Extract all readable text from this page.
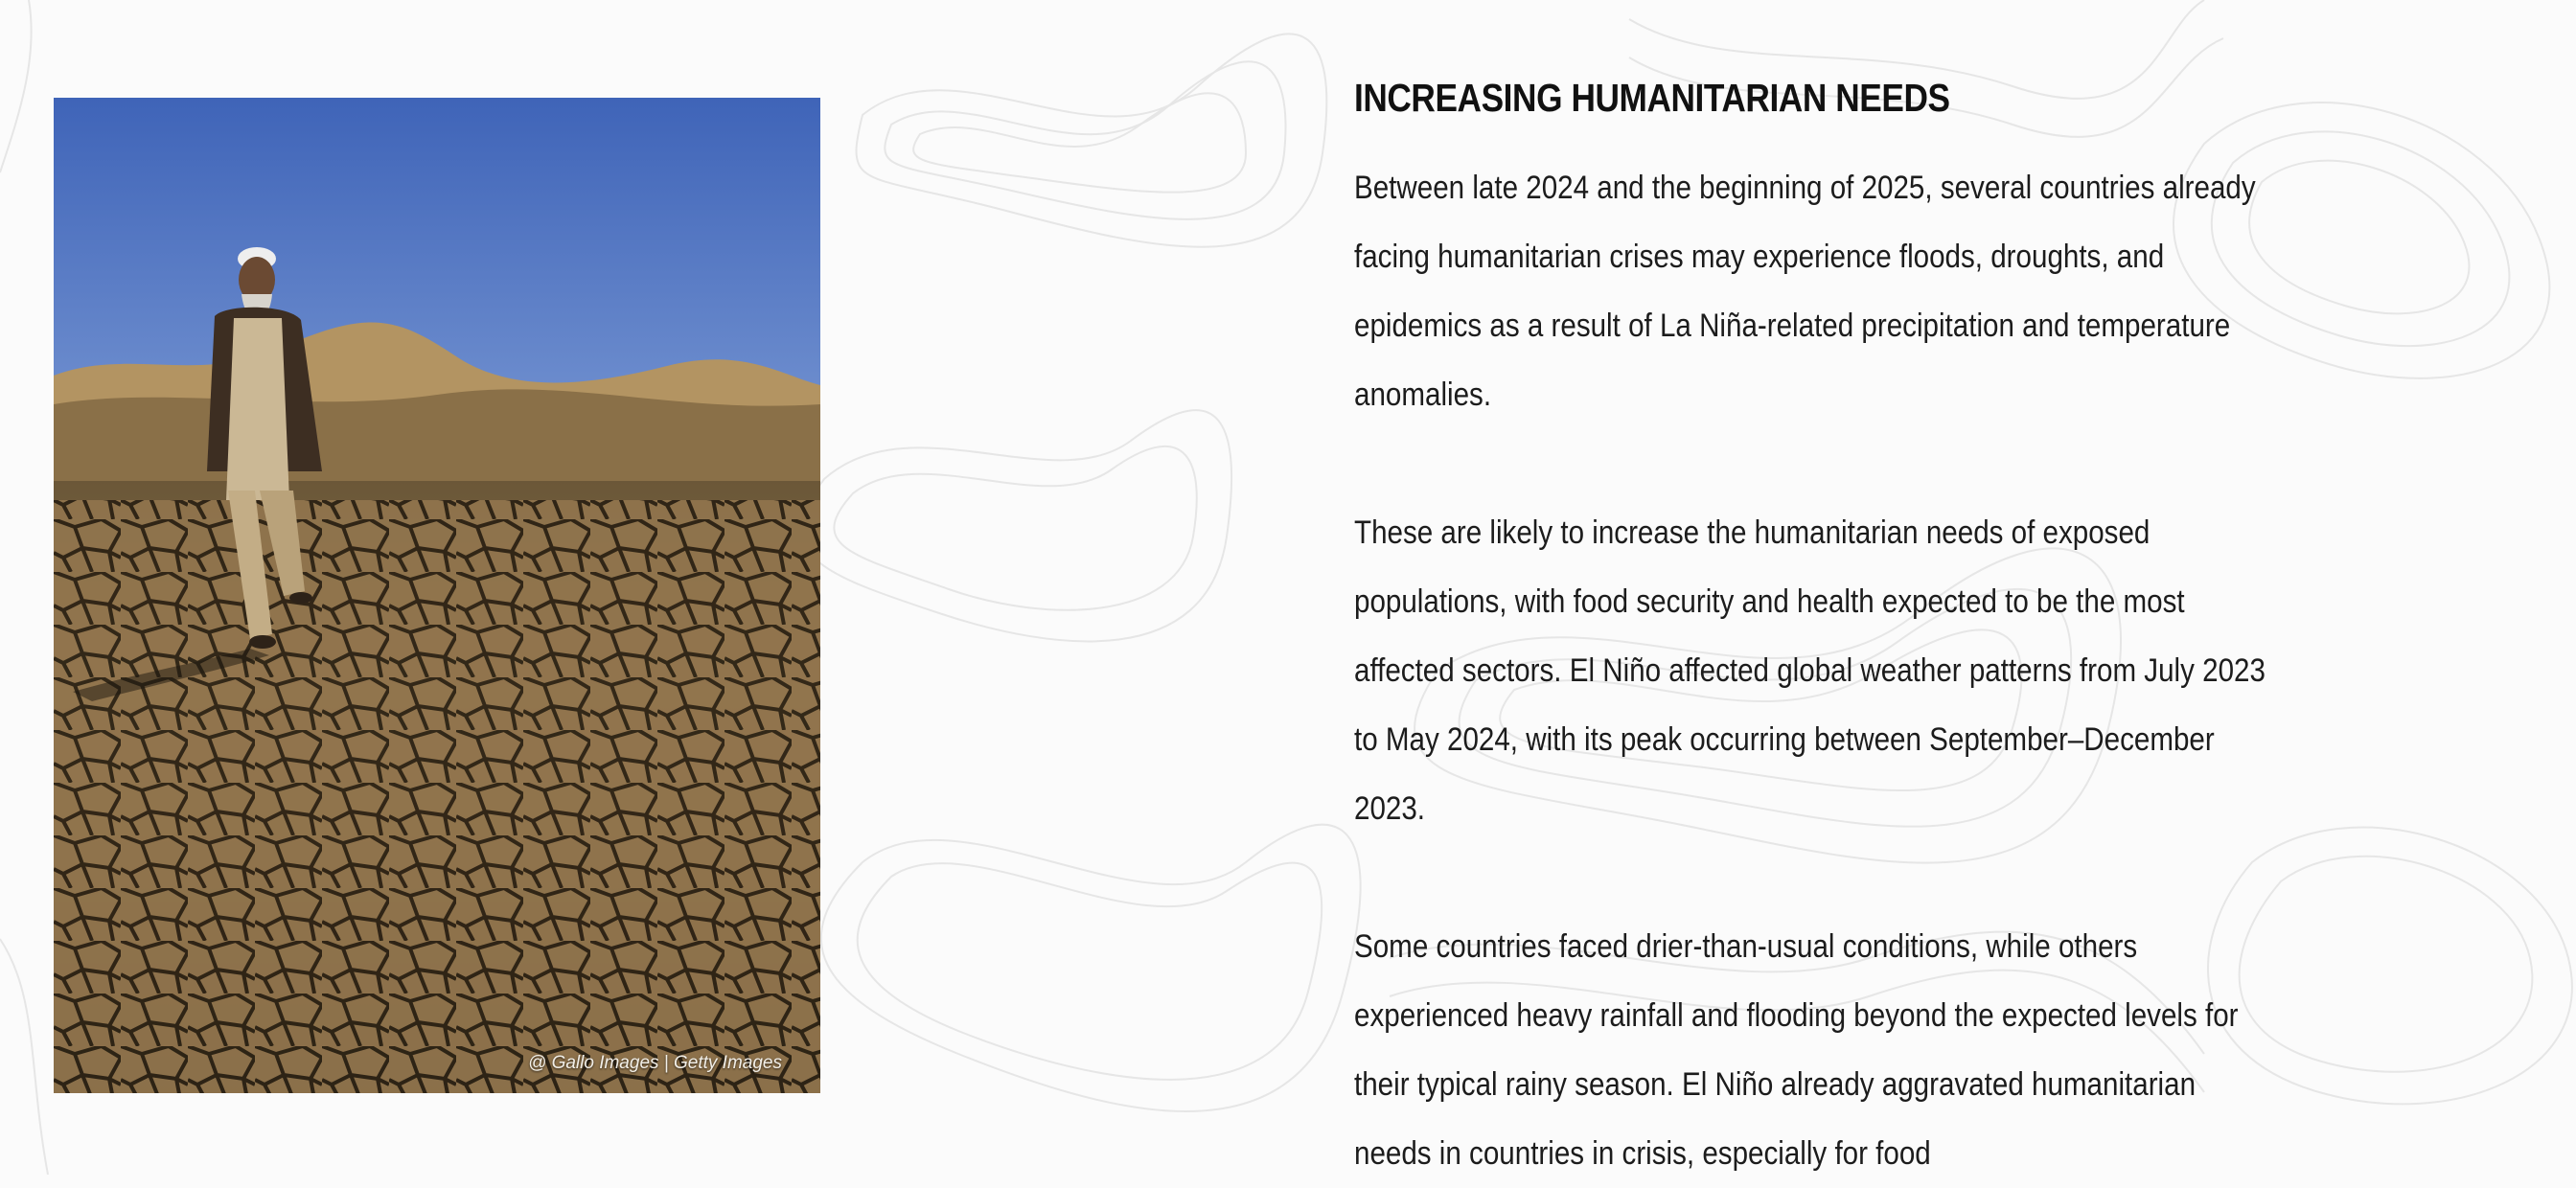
@ Gallo Images | Getty Images
INCREASING HUMANITARIAN NEEDS

Between late 2024 and the beginning of 2025, several countries already facing humanitarian crises may experience floods, droughts, and epidemics as a result of La Niña-related precipitation and temperature anomalies.

These are likely to increase the humanitarian needs of exposed populations, with food security and health expected to be the most affected sectors. El Niño affected global weather patterns from July 2023 to May 2024, with its peak occurring between September–December 2023.

Some countries faced drier-than-usual conditions, while others experienced heavy rainfall and flooding beyond the expected levels for their typical rainy season. El Niño already aggravated humanitarian needs in countries in crisis, especially for food
